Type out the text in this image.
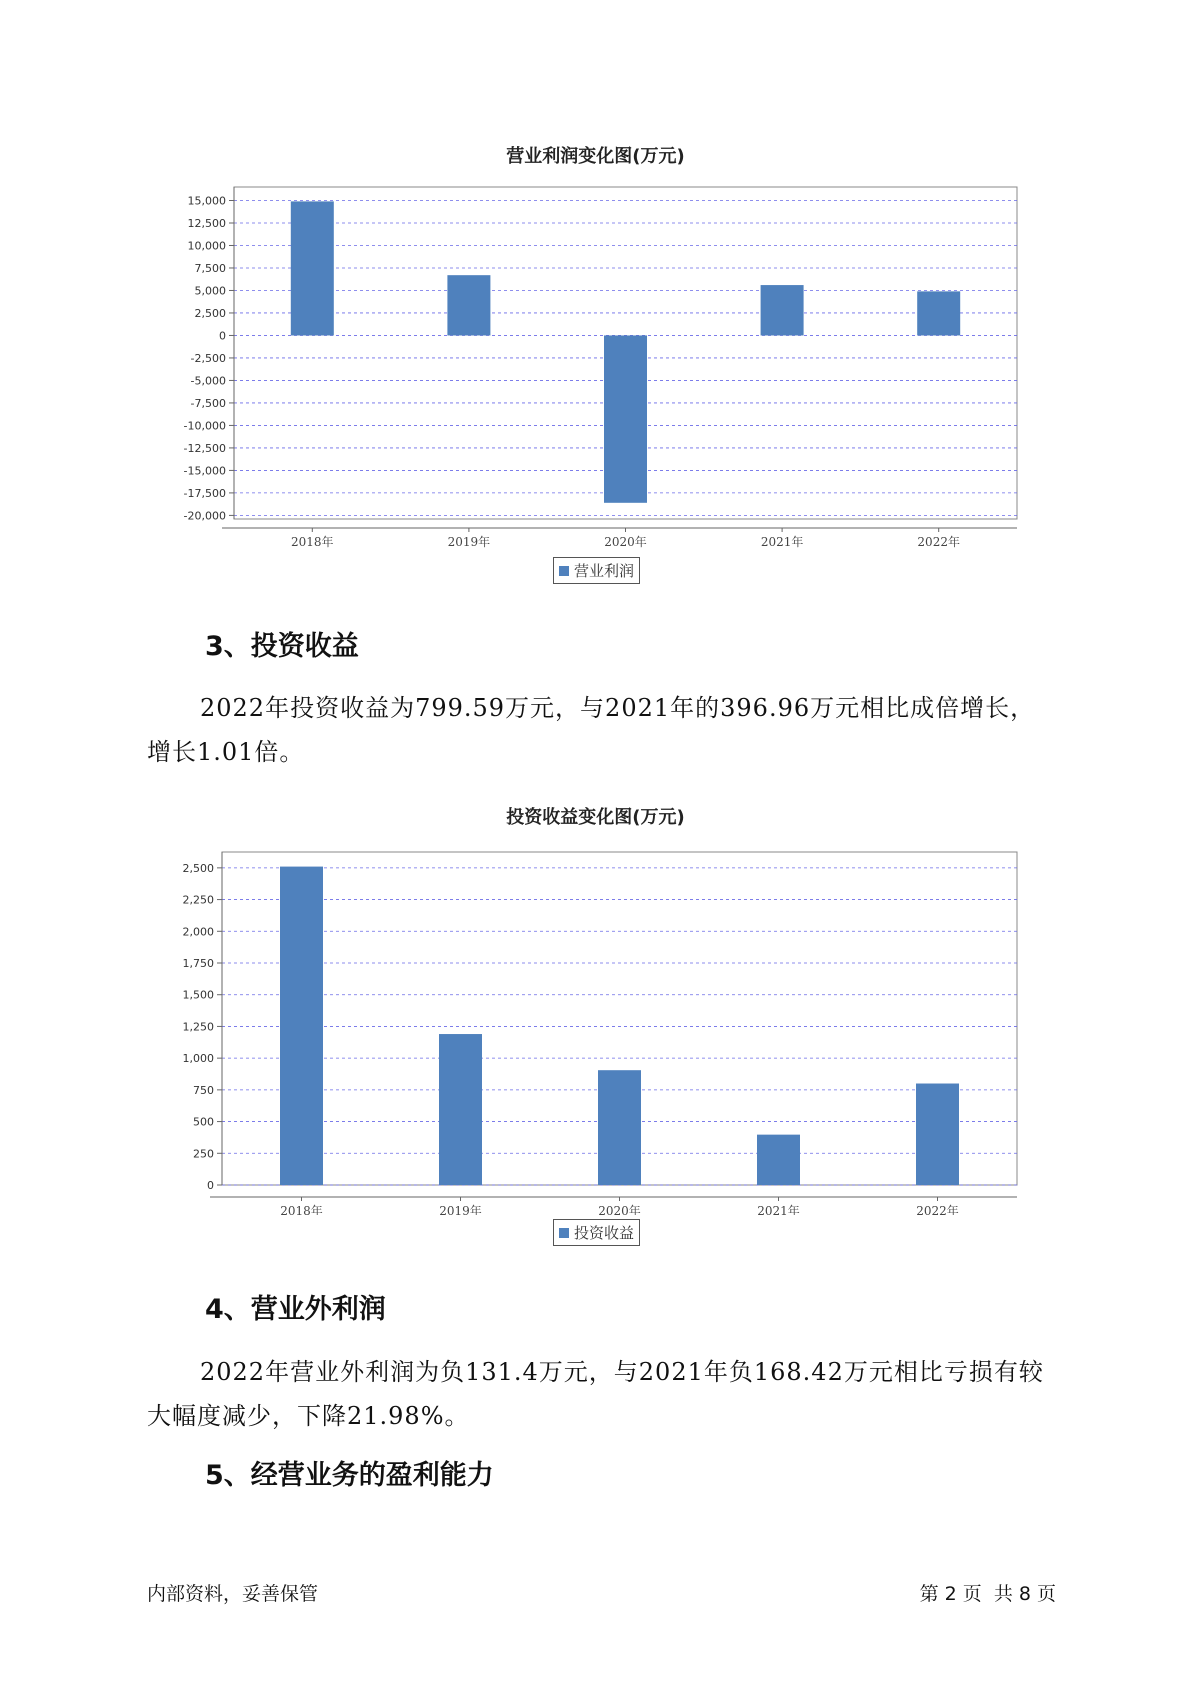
营业利润变化图(万元)
15,000
12,500
10,000
7,500
5,000
2,500
0
-2,500
-5,000
-7,500
-10,000
-12,500
-15,000
-17,500
-20,000
2018年	2019年	2020年	2021年	2022年
营业利润
3、投资收益
2022年投资收益为799.59万元，与2021年的396.96万元相比成倍增长，增长1.01倍。
投资收益变化图(万元)
2,500
2,250
2,000
1,750
1,500
1,250
1,000
750
500
250
0
2018年	2019年	2020年	2021年	2022年
投资收益
4、营业外利润
2022年营业外利润为负131.4万元，与2021年负168.42万元相比亏损有较大幅度减少，下降21.98%。
5、经营业务的盈利能力
内部资料，妥善保管	第 2 页  共 8 页
